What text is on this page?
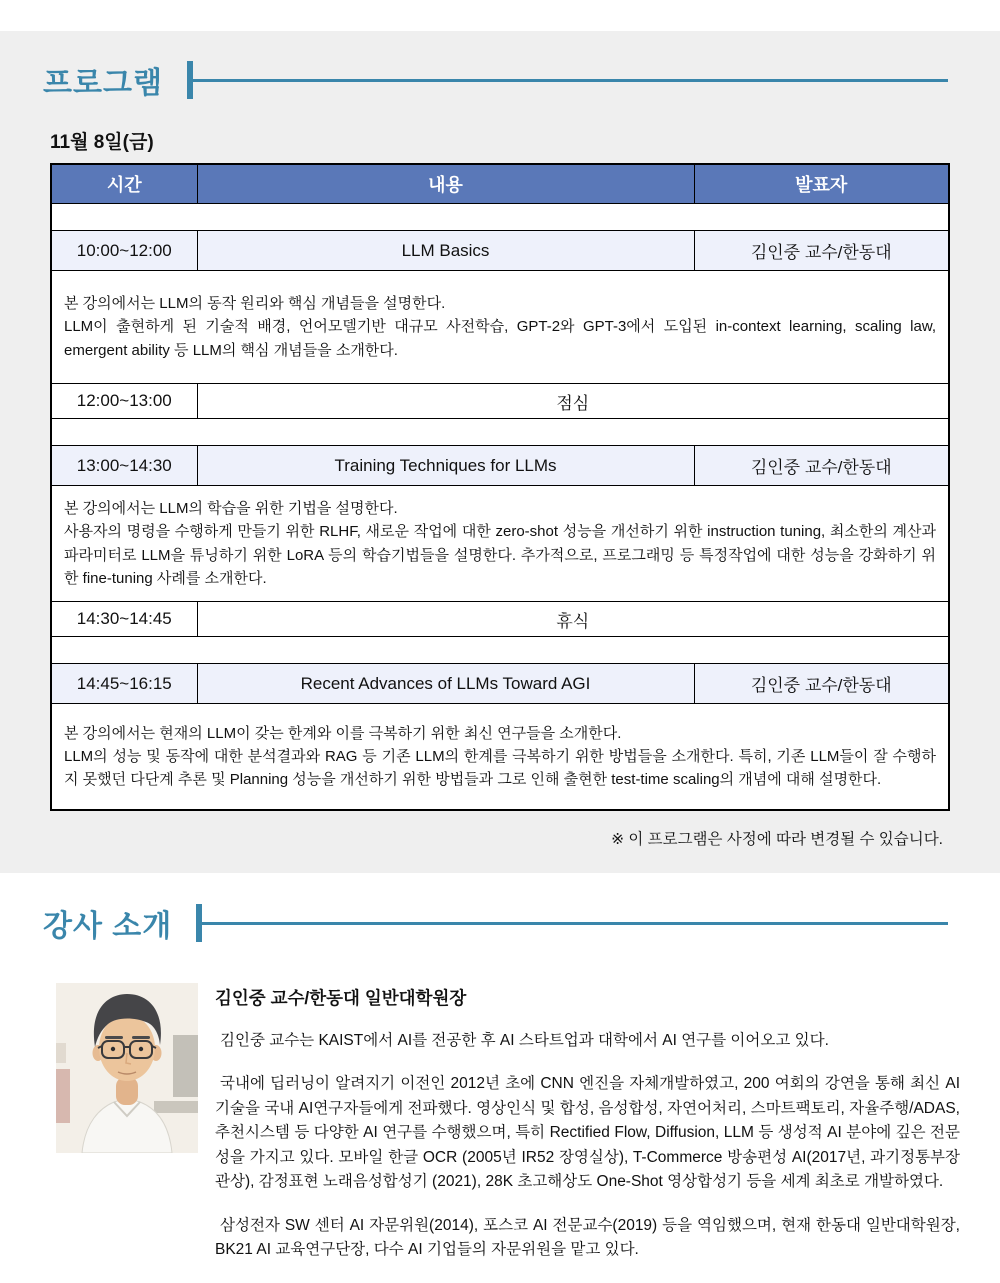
프로그램
11월 8일(금)
시간	내용	발표자

10:00~12:00	LLM Basics	김인중 교수/한동대

본 강의에서는 LLM의 동작 원리와 핵심 개념들을 설명한다.
LLM이 출현하게 된 기술적 배경, 언어모델기반 대규모 사전학습, GPT-2와 GPT-3에서 도입된 in-context learning, scaling law, emergent ability 등 LLM의 핵심 개념들을 소개한다.		

12:00~13:00	점심	

13:00~14:30	Training Techniques for LLMs	김인중 교수/한동대

본 강의에서는 LLM의 학습을 위한 기법을 설명한다.
사용자의 명령을 수행하게 만들기 위한 RLHF, 새로운 작업에 대한 zero-shot 성능을 개선하기 위한 instruction tuning, 최소한의 계산과 파라미터로 LLM을 튜닝하기 위한 LoRA 등의 학습기법들을 설명한다. 추가적으로, 프로그래밍 등 특정작업에 대한 성능을 강화하기 위한 fine-tuning 사례를 소개한다.		

14:30~14:45	휴식	

14:45~16:15	Recent Advances of LLMs Toward AGI	김인중 교수/한동대

본 강의에서는 현재의 LLM이 갖는 한계와 이를 극복하기 위한 최신 연구들을 소개한다.
LLM의 성능 및 동작에 대한 분석결과와 RAG 등 기존 LLM의 한계를 극복하기 위한 방법들을 소개한다. 특히, 기존 LLM들이 잘 수행하지 못했던 다단계 추론 및 Planning 성능을 개선하기 위한 방법들과 그로 인해 출현한 test-time scaling의 개념에 대해 설명한다.		
※ 이 프로그램은 사정에 따라 변경될 수 있습니다.
강사 소개
김인중 교수/한동대 일반대학원장

김인중 교수는 KAIST에서 AI를 전공한 후 AI 스타트업과 대학에서 AI 연구를 이어오고 있다.

국내에 딥러닝이 알려지기 이전인 2012년 초에 CNN 엔진을 자체개발하였고, 200 여회의 강연을 통해 최신 AI 기술을 국내 AI연구자들에게 전파했다. 영상인식 및 합성, 음성합성, 자연어처리, 스마트팩토리, 자율주행/ADAS, 추천시스템 등 다양한 AI 연구를 수행했으며, 특히 Rectified Flow, Diffusion, LLM 등 생성적 AI 분야에 깊은 전문성을 가지고 있다. 모바일 한글 OCR (2005년 IR52 장영실상), T-Commerce 방송편성 AI(2017년, 과기정통부장관상), 감정표현 노래음성합성기 (2021), 28K 초고해상도 One-Shot 영상합성기 등을 세계 최초로 개발하였다.

삼성전자 SW 센터 AI 자문위원(2014), 포스코 AI 전문교수(2019) 등을 역임했으며, 현재 한동대 일반대학원장, BK21 AI 교육연구단장, 다수 AI 기업들의 자문위원을 맡고 있다.
